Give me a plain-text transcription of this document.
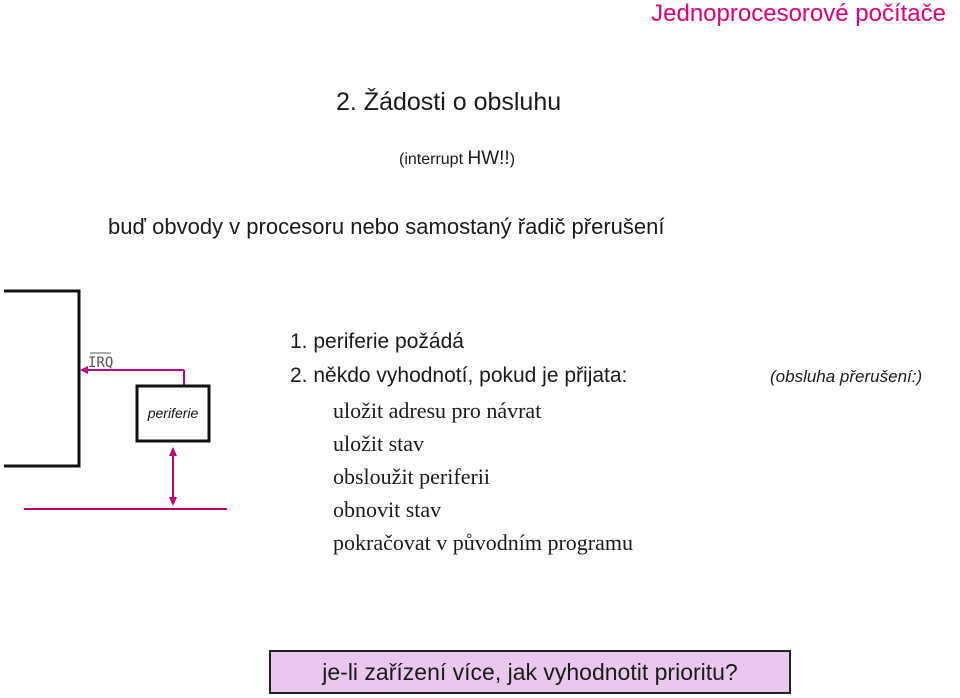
Jednoprocesorové počítače
2. Žádosti o obsluhu
(interrupt HW!!)
buď obvody v procesoru nebo samostaný řadič přerušení
IRQ
periferie
1. periferie požádá
2. někdo vyhodnotí, pokud je přijata:	(obsluha přerušení:)
uložit adresu pro návrat
uložit stav
obsloužit periferii
obnovit stav
pokračovat v původním programu
je-li zařízení více, jak vyhodnotit prioritu?
